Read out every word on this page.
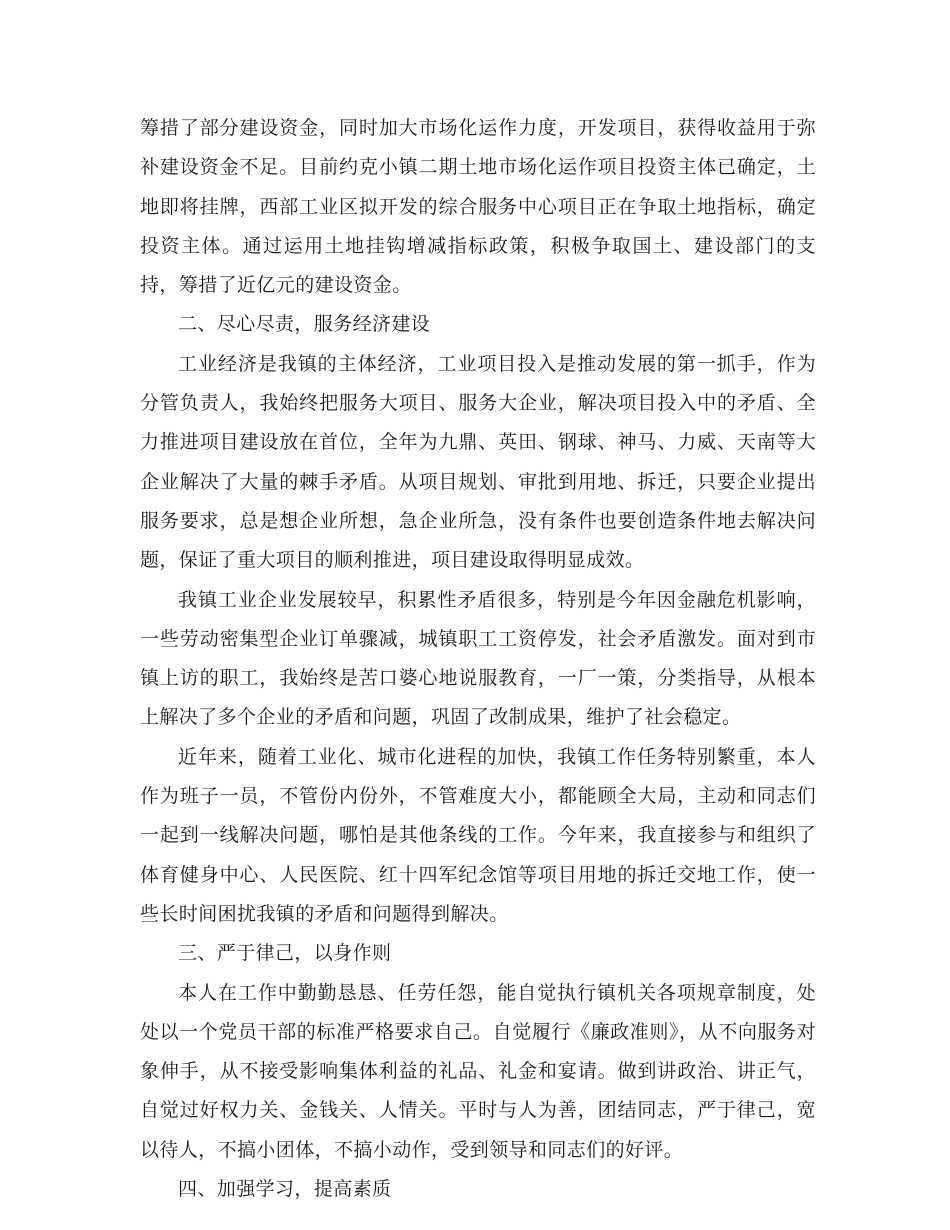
筹措了部分建设资金，同时加大市场化运作力度，开发项目，获得收益用于弥补建设资金不足。目前约克小镇二期土地市场化运作项目投资主体已确定，土地即将挂牌，西部工业区拟开发的综合服务中心项目正在争取土地指标，确定投资主体。通过运用土地挂钩增减指标政策，积极争取国土、建设部门的支持，筹措了近亿元的建设资金。

二、尽心尽责，服务经济建设

工业经济是我镇的主体经济，工业项目投入是推动发展的第一抓手，作为分管负责人，我始终把服务大项目、服务大企业，解决项目投入中的矛盾、全力推进项目建设放在首位，全年为九鼎、英田、钢球、神马、力威、天南等大企业解决了大量的棘手矛盾。从项目规划、审批到用地、拆迁，只要企业提出服务要求，总是想企业所想，急企业所急，没有条件也要创造条件地去解决问题，保证了重大项目的顺利推进，项目建设取得明显成效。

我镇工业企业发展较早，积累性矛盾很多，特别是今年因金融危机影响，一些劳动密集型企业订单骤减，城镇职工工资停发，社会矛盾激发。面对到市镇上访的职工，我始终是苦口婆心地说服教育，一厂一策，分类指导，从根本上解决了多个企业的矛盾和问题，巩固了改制成果，维护了社会稳定。

近年来，随着工业化、城市化进程的加快，我镇工作任务特别繁重，本人作为班子一员，不管份内份外，不管难度大小，都能顾全大局，主动和同志们一起到一线解决问题，哪怕是其他条线的工作。今年来，我直接参与和组织了体育健身中心、人民医院、红十四军纪念馆等项目用地的拆迁交地工作，使一些长时间困扰我镇的矛盾和问题得到解决。

三、严于律己，以身作则

本人在工作中勤勤恳恳、任劳任怨，能自觉执行镇机关各项规章制度，处处以一个党员干部的标准严格要求自己。自觉履行《廉政准则》，从不向服务对象伸手，从不接受影响集体利益的礼品、礼金和宴请。做到讲政治、讲正气，自觉过好权力关、金钱关、人情关。平时与人为善，团结同志，严于律己，宽以待人，不搞小团体，不搞小动作，受到领导和同志们的好评。

四、加强学习，提高素质
